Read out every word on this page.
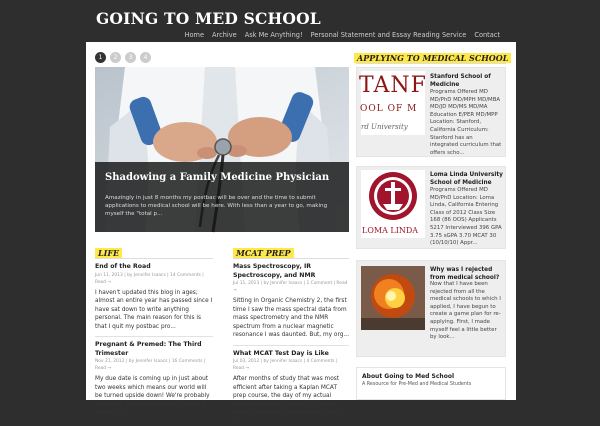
GOING TO MED SCHOOL
Home	Archive	Ask Me Anything!	Personal Statement and Essay Reading Service	Contact
1	2	3	4
Shadowing a Family Medicine Physician
Amazingly in just 8 months my postbac will be over and the time to submit applications to medical school will be here. With less than a year to go, making myself the "total p...
LIFE
End of the Road
Jun 11, 2013 | by Jennifer Isaacs | 14 Comments | Read →
I haven't updated this blog in ages; almost an entire year has passed since I have sat down to write anything personal. The main reason for this is that I quit my postbac pro...
Pregnant & Premed: The Third Trimester
Nov 21, 2012 | by Jennifer Isaacs | 16 Comments | Read →
My due date is coming up in just about two weeks which means our world will be turned upside down! We're probably not ready, but we're definitely getting excited. H...
MCAT PREP
Mass Spectroscopy, IR Spectroscopy, and NMR
Jul 11, 2013 | by Jennifer Isaacs | 1 Comment | Read →
Sitting in Organic Chemistry 2, the first time I saw the mass spectral data from mass spectrometry and the NMR spectrum from a nuclear magnetic resonance I was daunted. But, my org...
What MCAT Test Day is Like
Jul 03, 2012 | by Jennifer Isaacs | 4 Comments | Read →
After months of study that was most efficient after taking a Kaplan MCAT prep course, the day of my actual MCAT test arrived. Since I am not a morning person, I had chosen a noon t...
APPLYING TO MEDICAL SCHOOL
TANF
OOL OF M
rd University
Stanford School of Medicine
Programs Offered MD MD/PhD MD/MPH MD/MBA MD/JD MD/MS MD/MA Education E/PER MD/MPP Location: Stanford, California Curriculum: Stanford has an integrated curriculum that offers scho...
LOMA LINDA
Loma Linda University School of Medicine
Programs Offered MD MD/PhD Location: Loma Linda, California Entering Class of 2012 Class Size 168 (86 OOS) Applicants 5217 Interviewed 396 GPA 3.75 sGPA 3.70 MCAT 30 (10/10/10) Appr...
Why was I rejected from medical school?
Now that I have been rejected from all the medical schools to which I applied, I have begun to create a game plan for re-applying. First, I made myself feel a little better by look...
About Going to Med School
A Resource for Pre-Med and Medical Students
